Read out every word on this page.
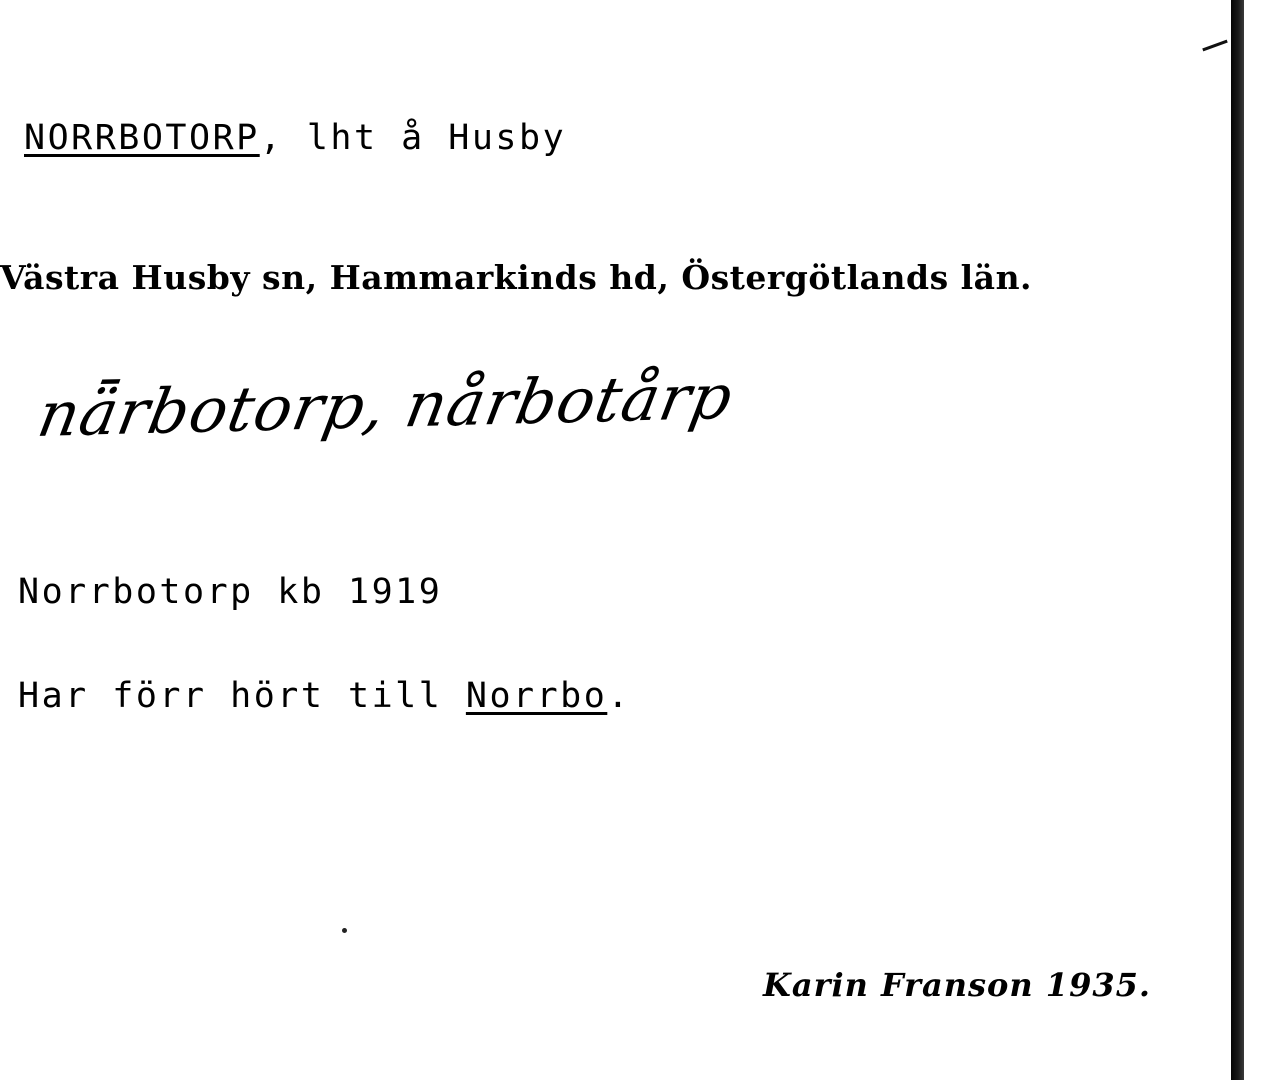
NORRBOTORP, lht å Husby
Västra Husby sn, Hammarkinds hd, Östergötlands län.
nǟrbotorp, nårbotårp
Norrbotorp kb 1919
Har förr hört till Norrbo.
Karin Franson 1935.
